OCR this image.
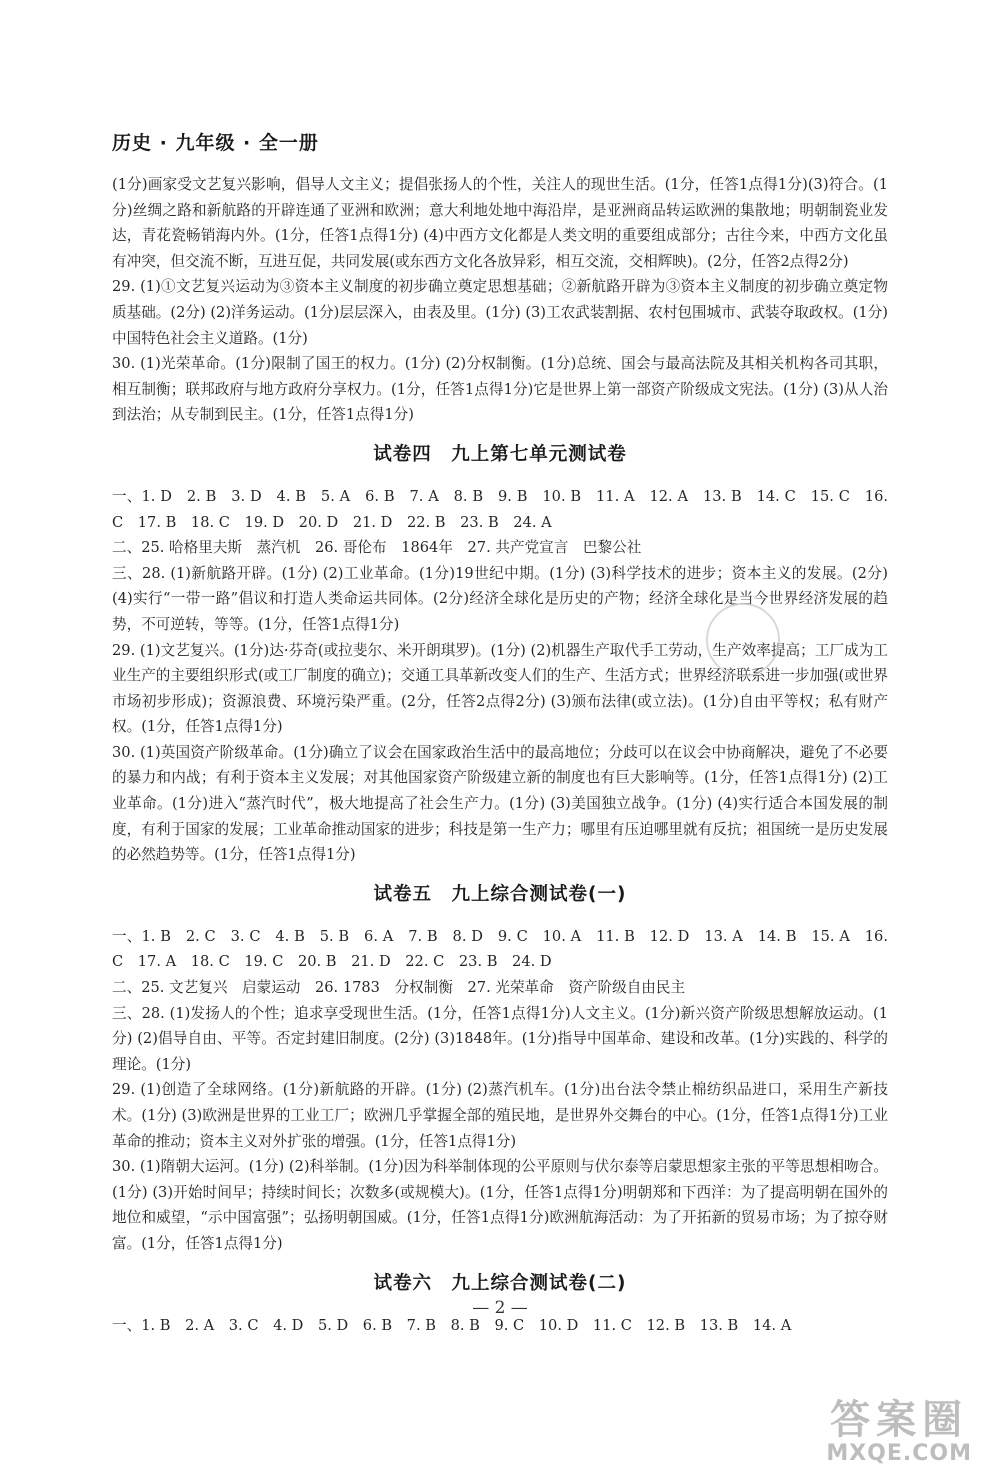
历史 · 九年级 · 全一册

(1分)画家受文艺复兴影响，倡导人文主义；提倡张扬人的个性，关注人的现世生活。(1分，任答1点得1分)(3)符合。(1分)丝绸之路和新航路的开辟连通了亚洲和欧洲；意大利地处地中海沿岸，是亚洲商品转运欧洲的集散地；明朝制瓷业发达，青花瓷畅销海内外。(1分，任答1点得1分) (4)中西方文化都是人类文明的重要组成部分；古往今来，中西方文化虽有冲突，但交流不断，互进互促，共同发展(或东西方文化各放异彩，相互交流，交相辉映)。(2分，任答2点得2分)

29. (1)①文艺复兴运动为③资本主义制度的初步确立奠定思想基础；②新航路开辟为③资本主义制度的初步确立奠定物质基础。(2分) (2)洋务运动。(1分)层层深入，由表及里。(1分) (3)工农武装割据、农村包围城市、武装夺取政权。(1分)中国特色社会主义道路。(1分)

30. (1)光荣革命。(1分)限制了国王的权力。(1分) (2)分权制衡。(1分)总统、国会与最高法院及其相关机构各司其职，相互制衡；联邦政府与地方政府分享权力。(1分，任答1点得1分)它是世界上第一部资产阶级成文宪法。(1分) (3)从人治到法治；从专制到民主。(1分，任答1点得1分)

试卷四　九上第七单元测试卷

一、1. D　2. B　3. D　4. B　5. A　6. B　7. A　8. B　9. B　10. B　11. A　12. A　13. B　14. C　15. C　16. C　17. B　18. C　19. D　20. D　21. D　22. B　23. B　24. A

二、25. 哈格里夫斯　蒸汽机　26. 哥伦布　1864年　27. 共产党宣言　巴黎公社

三、28. (1)新航路开辟。(1分) (2)工业革命。(1分)19世纪中期。(1分) (3)科学技术的进步；资本主义的发展。(2分) (4)实行“一带一路”倡议和打造人类命运共同体。(2分)经济全球化是历史的产物；经济全球化是当今世界经济发展的趋势，不可逆转，等等。(1分，任答1点得1分)

29. (1)文艺复兴。(1分)达·芬奇(或拉斐尔、米开朗琪罗)。(1分) (2)机器生产取代手工劳动，生产效率提高；工厂成为工业生产的主要组织形式(或工厂制度的确立)；交通工具革新改变人们的生产、生活方式；世界经济联系进一步加强(或世界市场初步形成)；资源浪费、环境污染严重。(2分，任答2点得2分) (3)颁布法律(或立法)。(1分)自由平等权；私有财产权。(1分，任答1点得1分)

30. (1)英国资产阶级革命。(1分)确立了议会在国家政治生活中的最高地位；分歧可以在议会中协商解决，避免了不必要的暴力和内战；有利于资本主义发展；对其他国家资产阶级建立新的制度也有巨大影响等。(1分，任答1点得1分) (2)工业革命。(1分)进入“蒸汽时代”，极大地提高了社会生产力。(1分) (3)美国独立战争。(1分) (4)实行适合本国发展的制度，有利于国家的发展；工业革命推动国家的进步；科技是第一生产力；哪里有压迫哪里就有反抗；祖国统一是历史发展的必然趋势等。(1分，任答1点得1分)

试卷五　九上综合测试卷(一)

一、1. B　2. C　3. C　4. B　5. B　6. A　7. B　8. D　9. C　10. A　11. B　12. D　13. A　14. B　15. A　16. C　17. A　18. C　19. C　20. B　21. D　22. C　23. B　24. D

二、25. 文艺复兴　启蒙运动　26. 1783　分权制衡　27. 光荣革命　资产阶级自由民主

三、28. (1)发扬人的个性；追求享受现世生活。(1分，任答1点得1分)人文主义。(1分)新兴资产阶级思想解放运动。(1分) (2)倡导自由、平等。否定封建旧制度。(2分) (3)1848年。(1分)指导中国革命、建设和改革。(1分)实践的、科学的理论。(1分)

29. (1)创造了全球网络。(1分)新航路的开辟。(1分) (2)蒸汽机车。(1分)出台法令禁止棉纺织品进口，采用生产新技术。(1分) (3)欧洲是世界的工业工厂；欧洲几乎掌握全部的殖民地，是世界外交舞台的中心。(1分，任答1点得1分)工业革命的推动；资本主义对外扩张的增强。(1分，任答1点得1分)

30. (1)隋朝大运河。(1分) (2)科举制。(1分)因为科举制体现的公平原则与伏尔泰等启蒙思想家主张的平等思想相吻合。(1分) (3)开始时间早；持续时间长；次数多(或规模大)。(1分，任答1点得1分)明朝郑和下西洋：为了提高明朝在国外的地位和威望，“示中国富强”；弘扬明朝国威。(1分，任答1点得1分)欧洲航海活动：为了开拓新的贸易市场；为了掠夺财富。(1分，任答1点得1分)

试卷六　九上综合测试卷(二)

一、1. B　2. A　3. C　4. D　5. D　6. B　7. B　8. B　9. C　10. D　11. C　12. B　13. B　14. A

— 2 —
答案圈
MXQE.COM
